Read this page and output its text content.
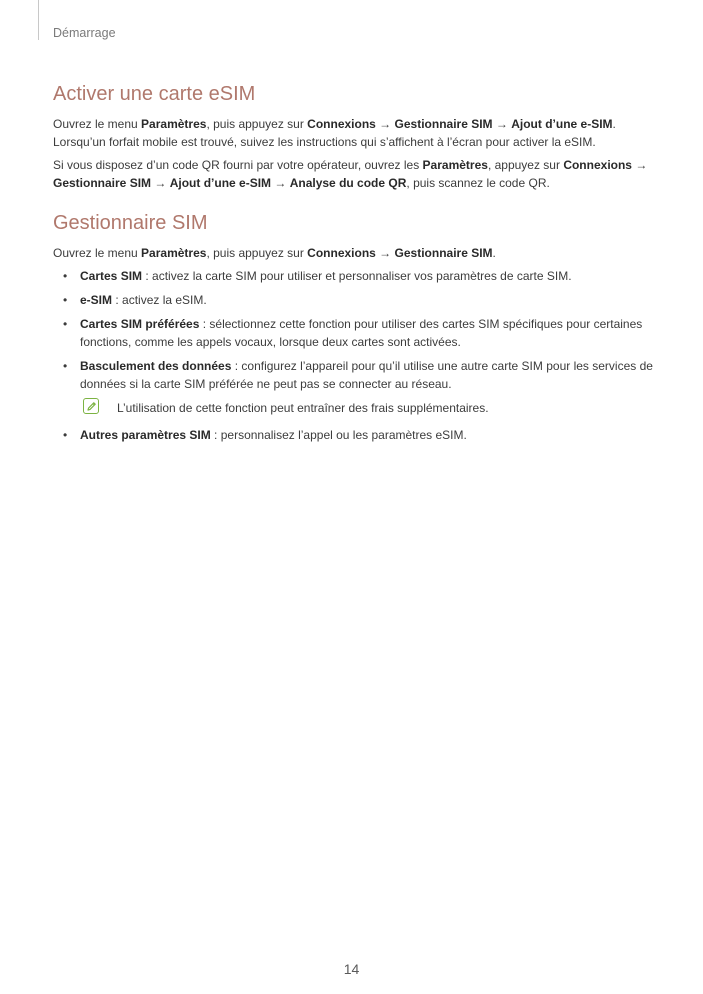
Démarrage
Activer une carte eSIM

Ouvrez le menu Paramètres, puis appuyez sur Connexions → Gestionnaire SIM → Ajout d’une e-SIM.
Lorsqu’un forfait mobile est trouvé, suivez les instructions qui s’affichent à l’écran pour activer la eSIM.

Si vous disposez d’un code QR fourni par votre opérateur, ouvrez les Paramètres, appuyez sur Connexions → Gestionnaire SIM → Ajout d’une e-SIM → Analyse du code QR, puis scannez le code QR.

Gestionnaire SIM

Ouvrez le menu Paramètres, puis appuyez sur Connexions → Gestionnaire SIM.

• Cartes SIM : activez la carte SIM pour utiliser et personnaliser vos paramètres de carte SIM.
• e-SIM : activez la eSIM.
• Cartes SIM préférées : sélectionnez cette fonction pour utiliser des cartes SIM spécifiques pour certaines fonctions, comme les appels vocaux, lorsque deux cartes sont activées.
• Basculement des données : configurez l’appareil pour qu’il utilise une autre carte SIM pour les services de données si la carte SIM préférée ne peut pas se connecter au réseau.
L’utilisation de cette fonction peut entraîner des frais supplémentaires.
• Autres paramètres SIM : personnalisez l’appel ou les paramètres eSIM.
14
